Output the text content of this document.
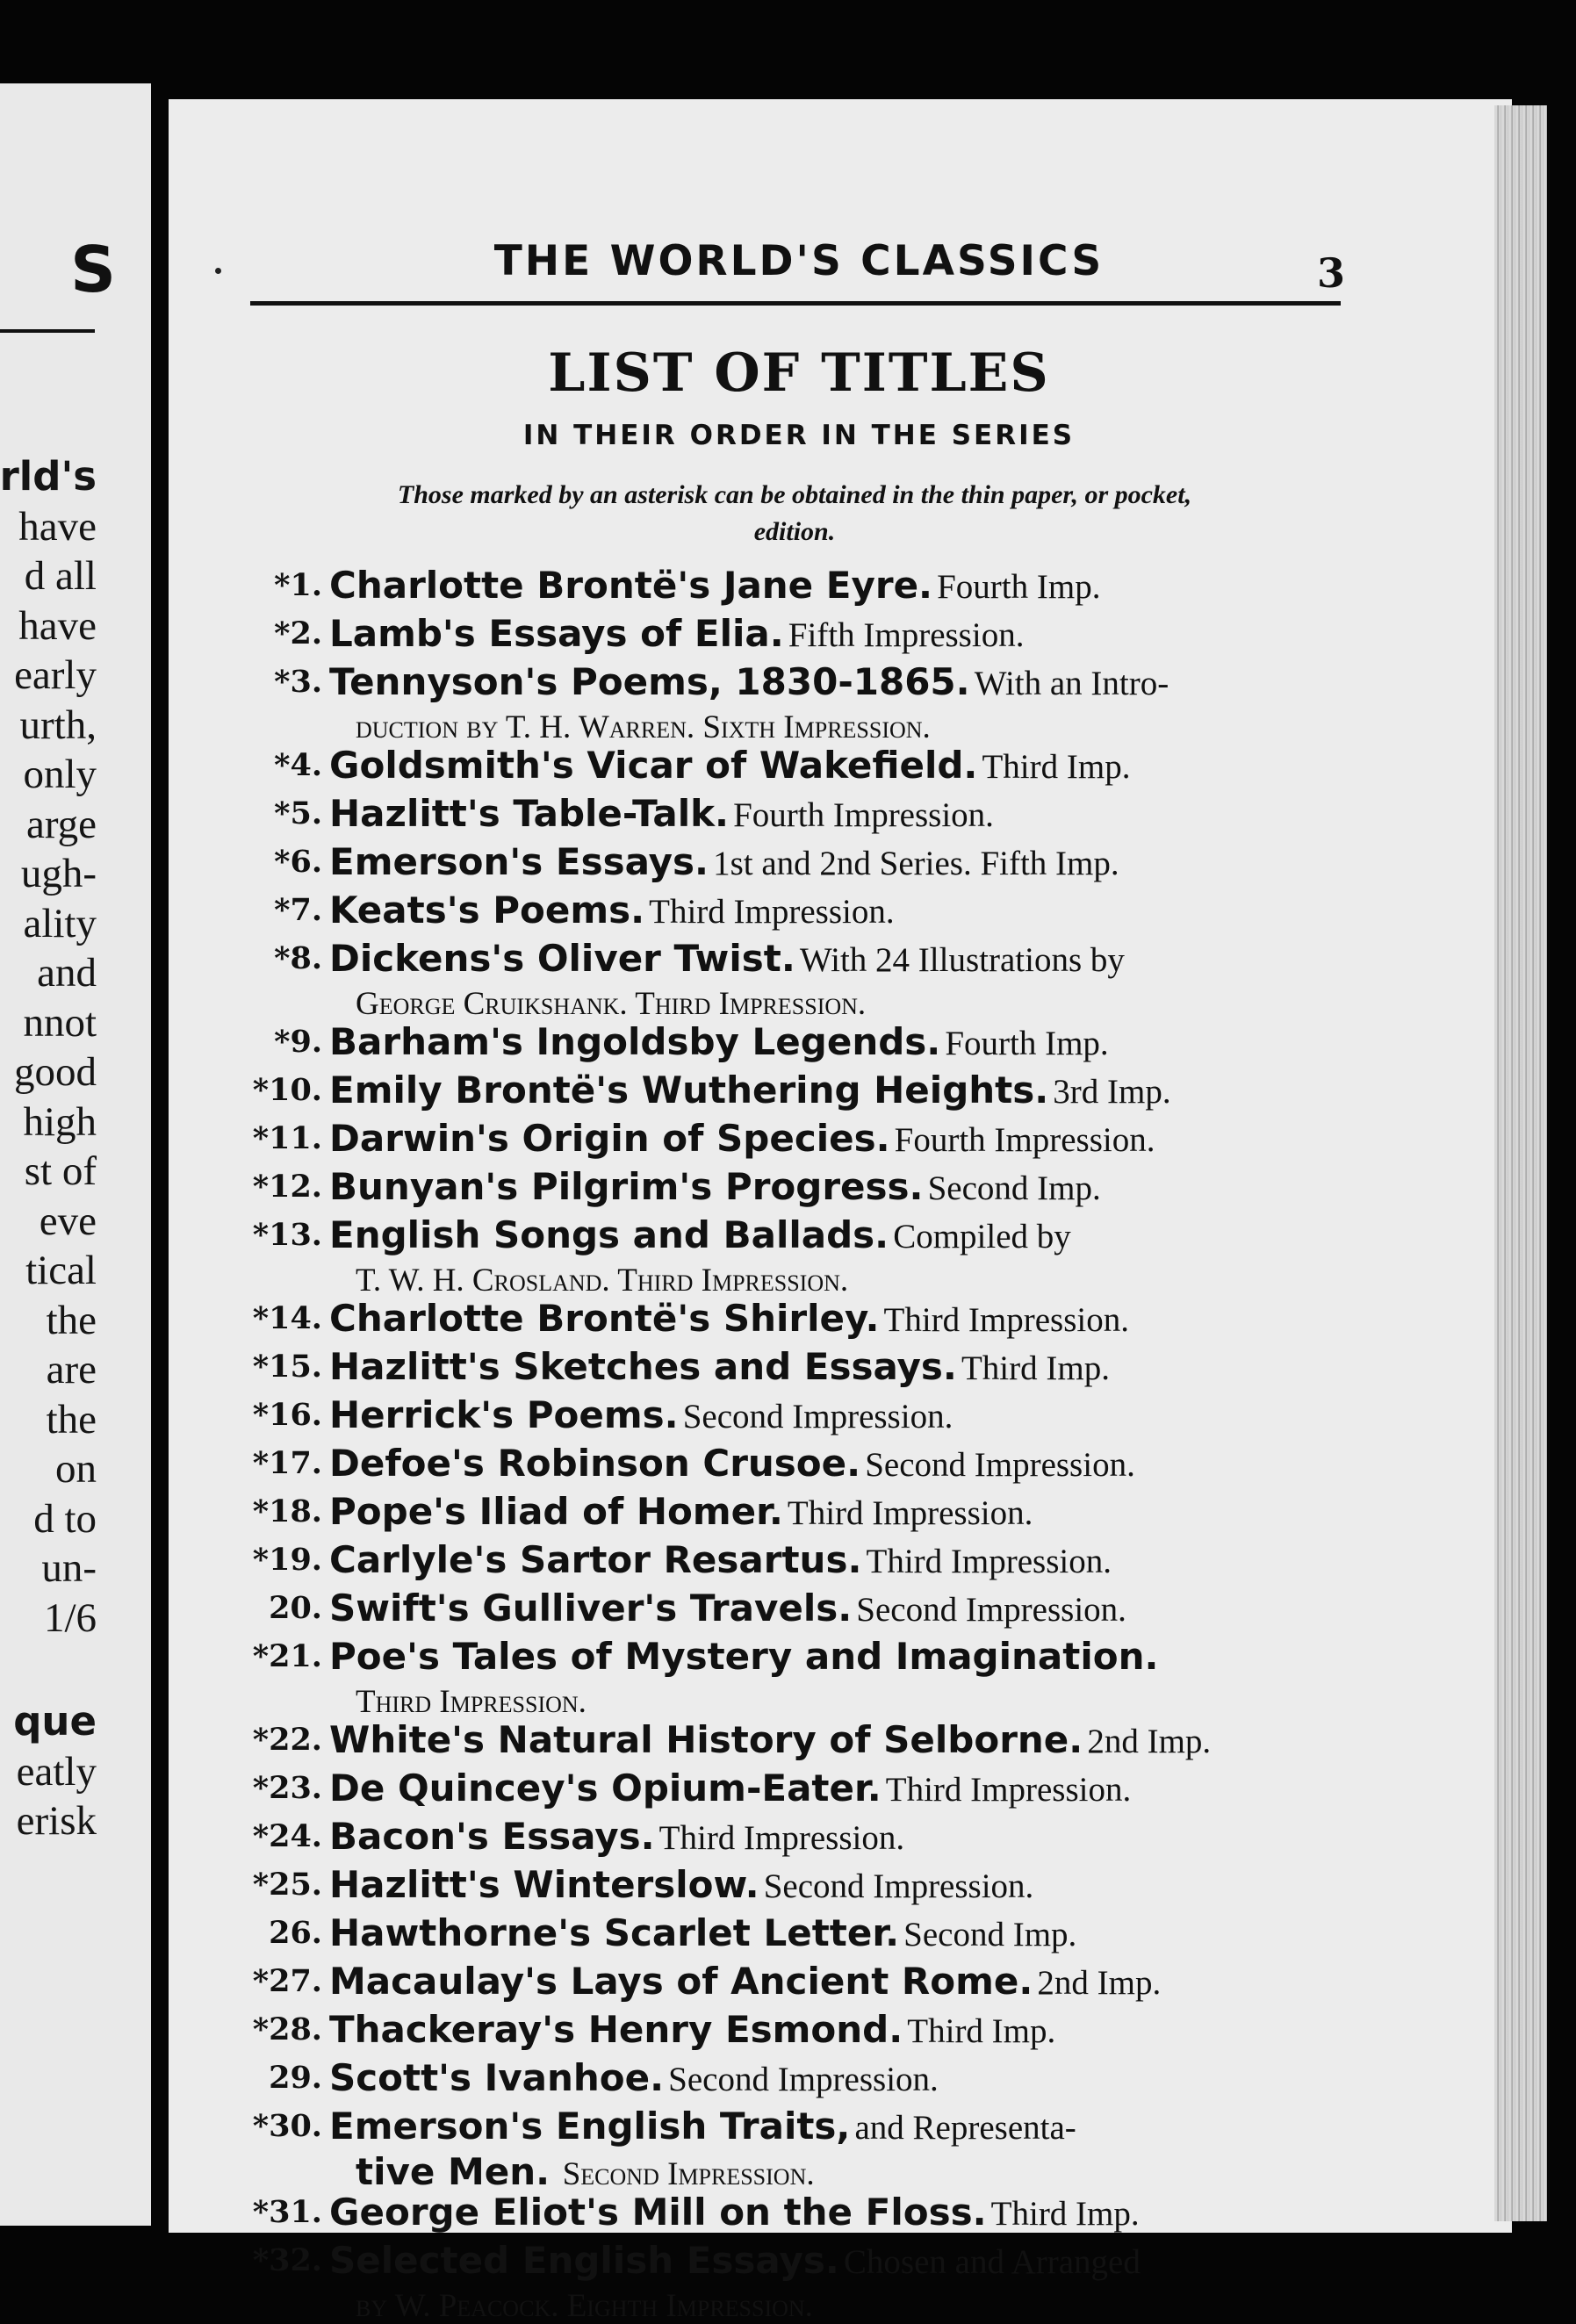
S
rld's
have
d all
have
early
urth,
only
arge
ugh-
ality
and
nnot
good
high
st of
eve
tical
the
are
the
on
d to
un-
1/6
que
eatly
erisk
THE WORLD'S CLASSICS	3
LIST OF TITLES
IN THEIR ORDER IN THE SERIES
Those marked by an asterisk can be obtained in the thin paper, or pocket,
edition.
*1. Charlotte Brontë's Jane Eyre. Fourth Imp.
*2. Lamb's Essays of Elia. Fifth Impression.
*3. Tennyson's Poems, 1830-1865. With an Intro-
duction by T. H. Warren. Sixth Impression.
*4. Goldsmith's Vicar of Wakefield. Third Imp.
*5. Hazlitt's Table-Talk. Fourth Impression.
*6. Emerson's Essays. 1st and 2nd Series. Fifth Imp.
*7. Keats's Poems. Third Impression.
*8. Dickens's Oliver Twist. With 24 Illustrations by
George Cruikshank. Third Impression.
*9. Barham's Ingoldsby Legends. Fourth Imp.
*10. Emily Brontë's Wuthering Heights. 3rd Imp.
*11. Darwin's Origin of Species. Fourth Impression.
*12. Bunyan's Pilgrim's Progress. Second Imp.
*13. English Songs and Ballads. Compiled by
T. W. H. Crosland. Third Impression.
*14. Charlotte Brontë's Shirley. Third Impression.
*15. Hazlitt's Sketches and Essays. Third Imp.
*16. Herrick's Poems. Second Impression.
*17. Defoe's Robinson Crusoe. Second Impression.
*18. Pope's Iliad of Homer. Third Impression.
*19. Carlyle's Sartor Resartus. Third Impression.
20. Swift's Gulliver's Travels. Second Impression.
*21. Poe's Tales of Mystery and Imagination.
Third Impression.
*22. White's Natural History of Selborne. 2nd Imp.
*23. De Quincey's Opium-Eater. Third Impression.
*24. Bacon's Essays. Third Impression.
*25. Hazlitt's Winterslow. Second Impression.
26. Hawthorne's Scarlet Letter. Second Imp.
*27. Macaulay's Lays of Ancient Rome. 2nd Imp.
*28. Thackeray's Henry Esmond. Third Imp.
29. Scott's Ivanhoe. Second Impression.
*30. Emerson's English Traits, and Representa-
tive Men. Second Impression.
*31. George Eliot's Mill on the Floss. Third Imp.
*32. Selected English Essays. Chosen and Arranged
by W. Peacock. Eighth Impression.
